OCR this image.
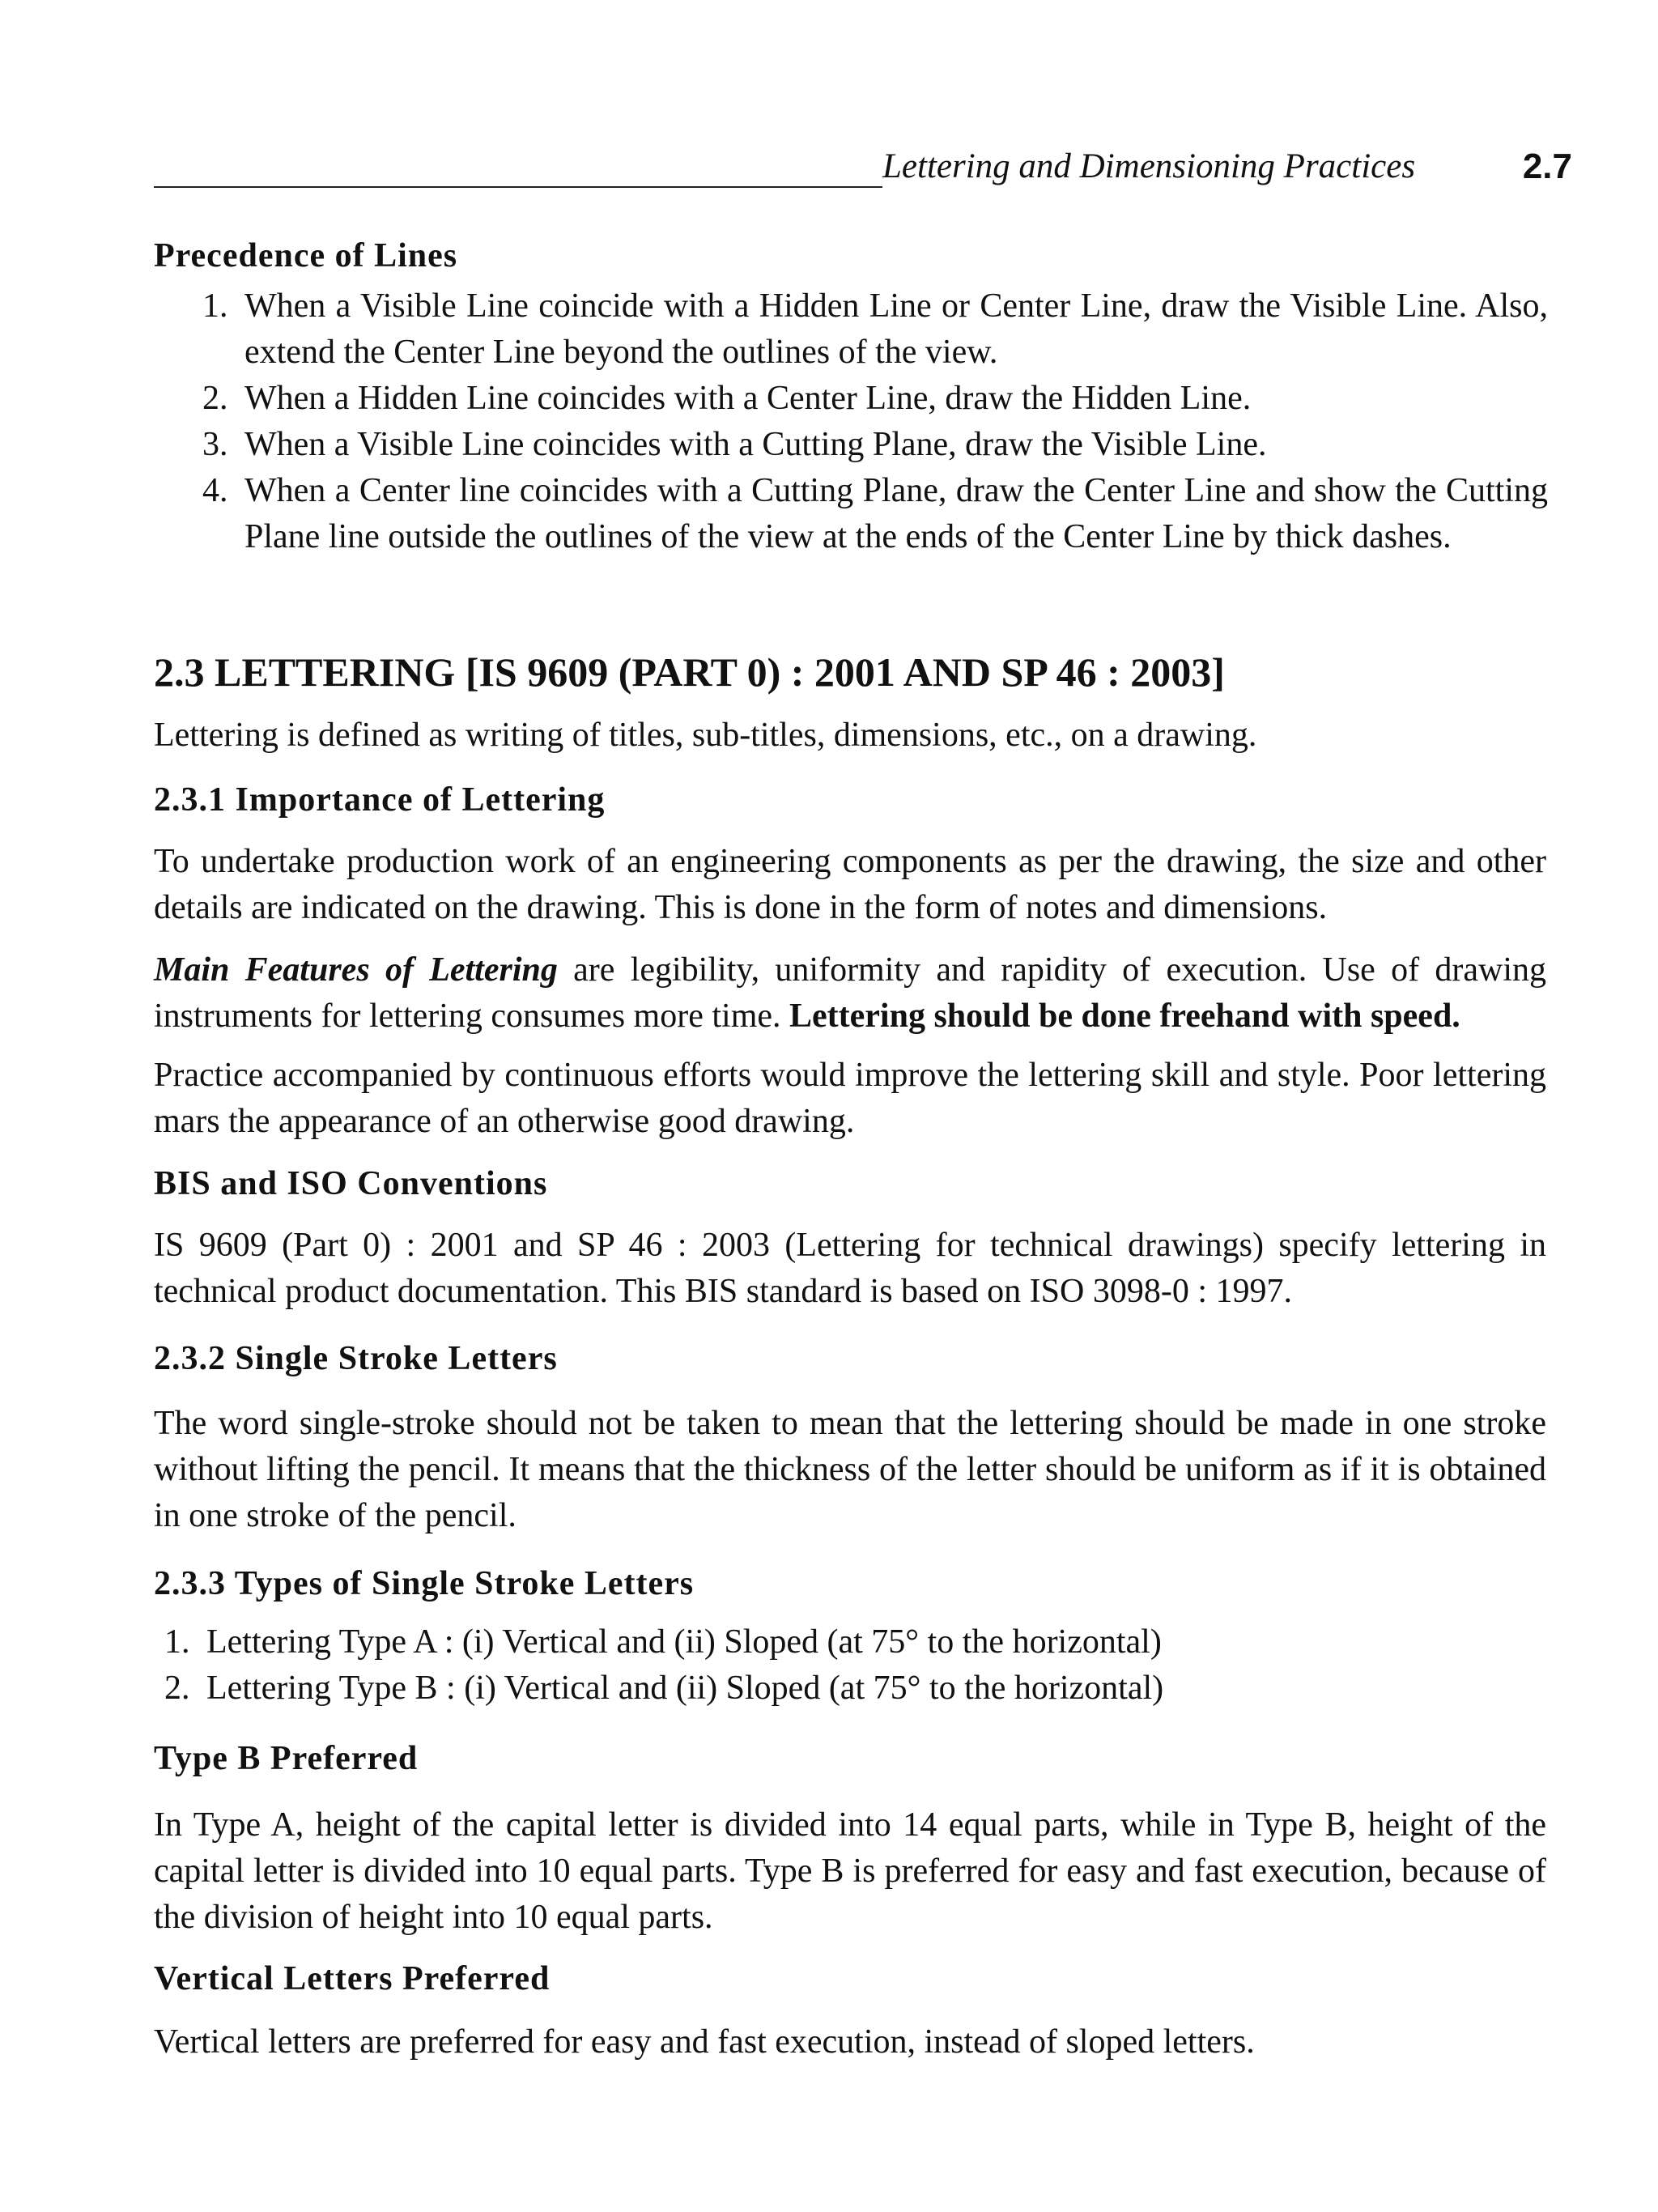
Lettering and Dimensioning Practices	2.7
Precedence of Lines
1. When a Visible Line coincide with a Hidden Line or Center Line, draw the Visible Line. Also, extend the Center Line beyond the outlines of the view.
2. When a Hidden Line coincides with a Center Line, draw the Hidden Line.
3. When a Visible Line coincides with a Cutting Plane, draw the Visible Line.
4. When a Center line coincides with a Cutting Plane, draw the Center Line and show the Cutting Plane line outside the outlines of the view at the ends of the Center Line by thick dashes.
2.3 LETTERING [IS 9609 (PART 0) : 2001 AND SP 46 : 2003]
Lettering is defined as writing of titles, sub-titles, dimensions, etc., on a drawing.
2.3.1 Importance of Lettering
To undertake production work of an engineering components as per the drawing, the size and other details are indicated on the drawing. This is done in the form of notes and dimensions.
Main Features of Lettering are legibility, uniformity and rapidity of execution. Use of drawing instruments for lettering consumes more time. Lettering should be done freehand with speed.
Practice accompanied by continuous efforts would improve the lettering skill and style. Poor lettering mars the appearance of an otherwise good drawing.
BIS and ISO Conventions
IS 9609 (Part 0) : 2001 and SP 46 : 2003 (Lettering for technical drawings) specify lettering in technical product documentation. This BIS standard is based on ISO 3098-0 : 1997.
2.3.2 Single Stroke Letters
The word single-stroke should not be taken to mean that the lettering should be made in one stroke without lifting the pencil. It means that the thickness of the letter should be uniform as if it is obtained in one stroke of the pencil.
2.3.3 Types of Single Stroke Letters
1. Lettering Type A : (i) Vertical and (ii) Sloped (at 75° to the horizontal)
2. Lettering Type B : (i) Vertical and (ii) Sloped (at 75° to the horizontal)
Type B Preferred
In Type A, height of the capital letter is divided into 14 equal parts, while in Type B, height of the capital letter is divided into 10 equal parts. Type B is preferred for easy and fast execution, because of the division of height into 10 equal parts.
Vertical Letters Preferred
Vertical letters are preferred for easy and fast execution, instead of sloped letters.
